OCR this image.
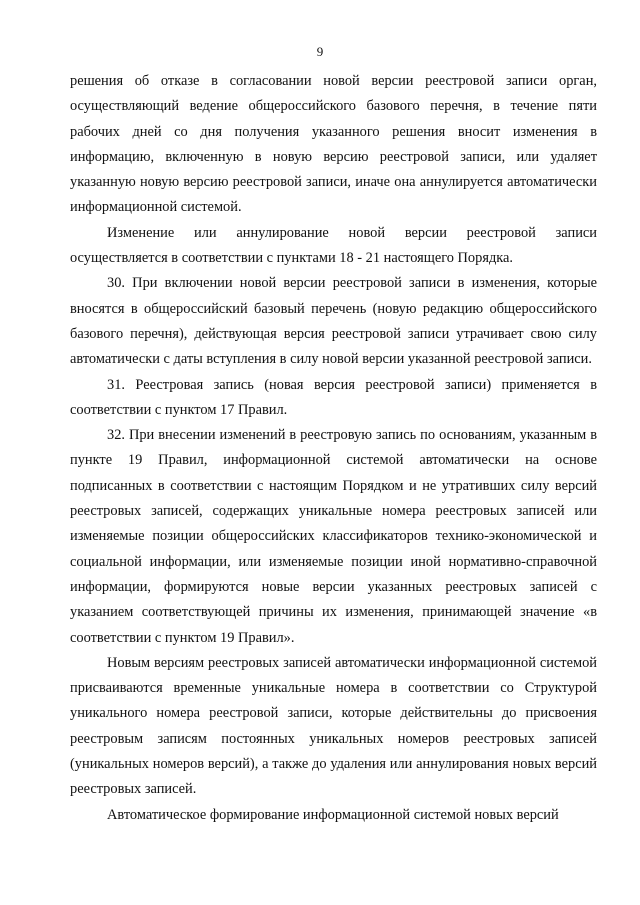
9

решения об отказе в согласовании новой версии реестровой записи орган, осуществляющий ведение общероссийского базового перечня, в течение пяти рабочих дней со дня получения указанного решения вносит изменения в информацию, включенную в новую версию реестровой записи, или удаляет указанную новую версию реестровой записи, иначе она аннулируется автоматически информационной системой.

Изменение или аннулирование новой версии реестровой записи осуществляется в соответствии с пунктами 18 - 21 настоящего Порядка.

30. При включении новой версии реестровой записи в изменения, которые вносятся в общероссийский базовый перечень (новую редакцию общероссийского базового перечня), действующая версия реестровой записи утрачивает свою силу автоматически с даты вступления в силу новой версии указанной реестровой записи.

31. Реестровая запись (новая версия реестровой записи) применяется в соответствии с пунктом 17 Правил.

32. При внесении изменений в реестровую запись по основаниям, указанным в пункте 19 Правил, информационной системой автоматически на основе подписанных в соответствии с настоящим Порядком и не утративших силу версий реестровых записей, содержащих уникальные номера реестровых записей или изменяемые позиции общероссийских классификаторов технико-экономической и социальной информации, или изменяемые позиции иной нормативно-справочной информации, формируются новые версии указанных реестровых записей с указанием соответствующей причины их изменения, принимающей значение «в соответствии с пунктом 19 Правил».

Новым версиям реестровых записей автоматически информационной системой присваиваются временные уникальные номера в соответствии со Структурой уникального номера реестровой записи, которые действительны до присвоения реестровым записям постоянных уникальных номеров реестровых записей (уникальных номеров версий), а также до удаления или аннулирования новых версий реестровых записей.

Автоматическое формирование информационной системой новых версий
